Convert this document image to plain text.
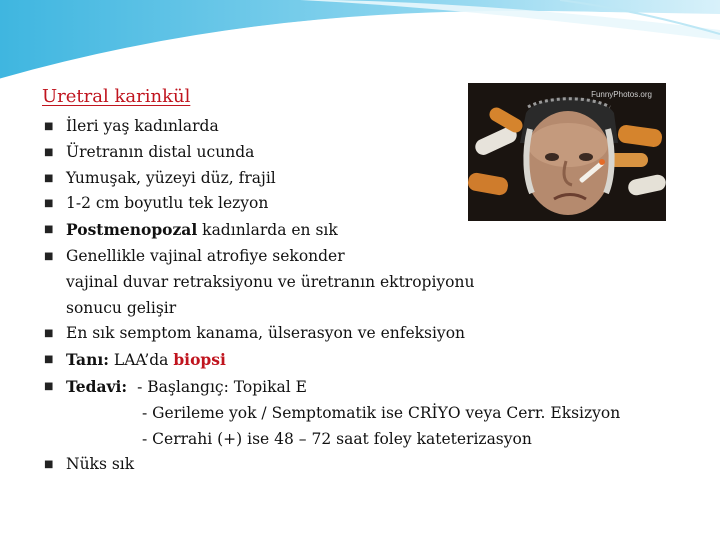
Uretral karinkül
■ İleri yaş kadınlarda
■ Üretranın distal ucunda
■ Yumuşak, yüzeyi düz, frajil
■ 1-2 cm boyutlu tek lezyon
■ Postmenopozal kadınlarda en sık
■ Genellikle vajinal atrofiye sekonder
vajinal duvar retraksiyonu ve üretranın ektropiyonu
sonucu gelişir
■ En sık semptom kanama, ülserasyon ve enfeksiyon
■ Tanı: LAA’da biopsi
■ Tedavi: - Başlangıç: Topikal E
- Gerileme yok / Semptomatik ise CRİYO veya Cerr. Eksizyon
- Cerrahi (+) ise 48 – 72 saat foley kateterizasyon
■ Nüks sık
FunnyPhotos.org
